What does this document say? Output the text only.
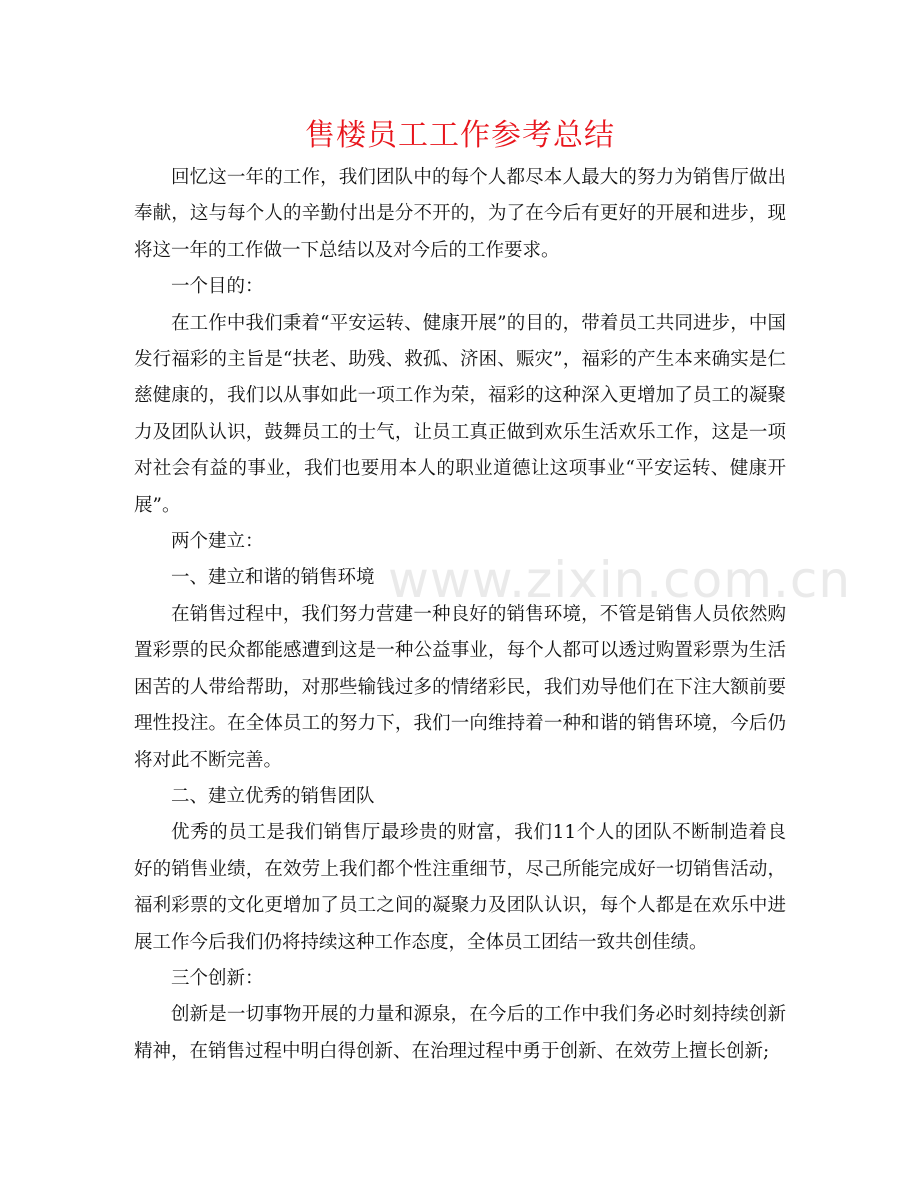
售楼员工工作参考总结
www.zixin.com.cn

回忆这一年的工作，我们团队中的每个人都尽本人最大的努力为销售厅做出奉献，这与每个人的辛勤付出是分不开的，为了在今后有更好的开展和进步，现将这一年的工作做一下总结以及对今后的工作要求。

一个目的：

在工作中我们秉着“平安运转、健康开展”的目的，带着员工共同进步，中国发行福彩的主旨是“扶老、助残、救孤、济困、赈灾”，福彩的产生本来确实是仁慈健康的，我们以从事如此一项工作为荣，福彩的这种深入更增加了员工的凝聚力及团队认识，鼓舞员工的士气，让员工真正做到欢乐生活欢乐工作，这是一项对社会有益的事业，我们也要用本人的职业道德让这项事业“平安运转、健康开展”。

两个建立：

一、建立和谐的销售环境

在销售过程中，我们努力营建一种良好的销售环境，不管是销售人员依然购置彩票的民众都能感遭到这是一种公益事业，每个人都可以透过购置彩票为生活困苦的人带给帮助，对那些输钱过多的情绪彩民，我们劝导他们在下注大额前要理性投注。在全体员工的努力下，我们一向维持着一种和谐的销售环境，今后仍将对此不断完善。

二、建立优秀的销售团队

优秀的员工是我们销售厅最珍贵的财富，我们11个人的团队不断制造着良好的销售业绩，在效劳上我们都个性注重细节，尽己所能完成好一切销售活动，福利彩票的文化更增加了员工之间的凝聚力及团队认识，每个人都是在欢乐中进展工作今后我们仍将持续这种工作态度，全体员工团结一致共创佳绩。

三个创新：

创新是一切事物开展的力量和源泉，在今后的工作中我们务必时刻持续创新精神，在销售过程中明白得创新、在治理过程中勇于创新、在效劳上擅长创新;
